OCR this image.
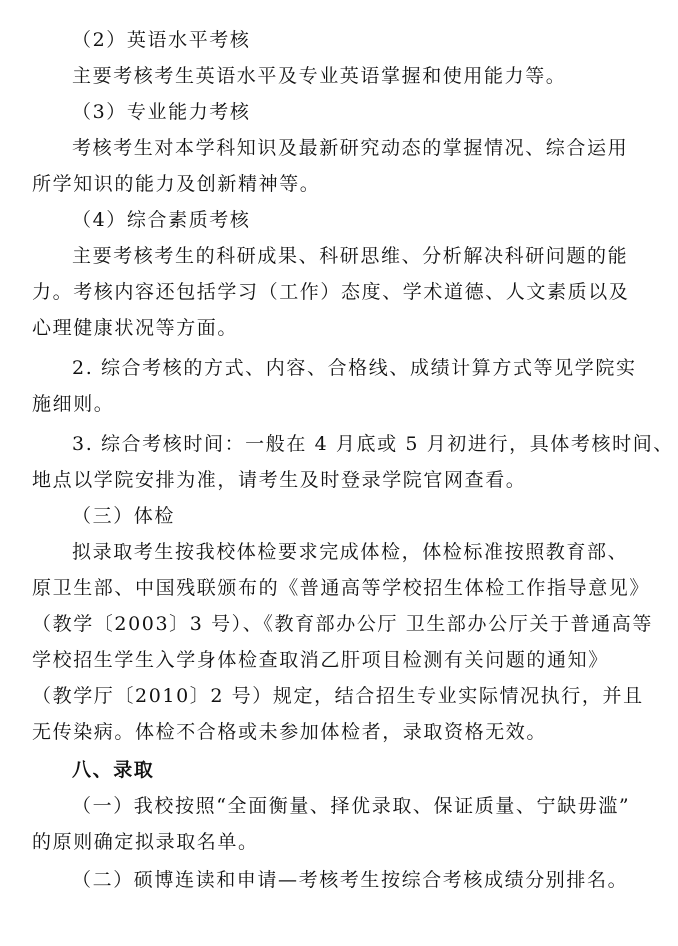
（2）英语水平考核
主要考核考生英语水平及专业英语掌握和使用能力等。
（3）专业能力考核
考核考生对本学科知识及最新研究动态的掌握情况、综合运用
所学知识的能力及创新精神等。
（4）综合素质考核
主要考核考生的科研成果、科研思维、分析解决科研问题的能
力。考核内容还包括学习（工作）态度、学术道德、人文素质以及
心理健康状况等方面。
2. 综合考核的方式、内容、合格线、成绩计算方式等见学院实
施细则。
3. 综合考核时间：一般在 4 月底或 5 月初进行，具体考核时间、
地点以学院安排为准，请考生及时登录学院官网查看。
（三）体检
拟录取考生按我校体检要求完成体检，体检标准按照教育部、
原卫生部、中国残联颁布的《普通高等学校招生体检工作指导意见》
（教学〔2003〕3 号）、《教育部办公厅 卫生部办公厅关于普通高等
学校招生学生入学身体检查取消乙肝项目检测有关问题的通知》
（教学厅〔2010〕2 号）规定，结合招生专业实际情况执行，并且
无传染病。体检不合格或未参加体检者，录取资格无效。
八、录取
（一）我校按照“全面衡量、择优录取、保证质量、宁缺毋滥”
的原则确定拟录取名单。
（二）硕博连读和申请—考核考生按综合考核成绩分别排名。
